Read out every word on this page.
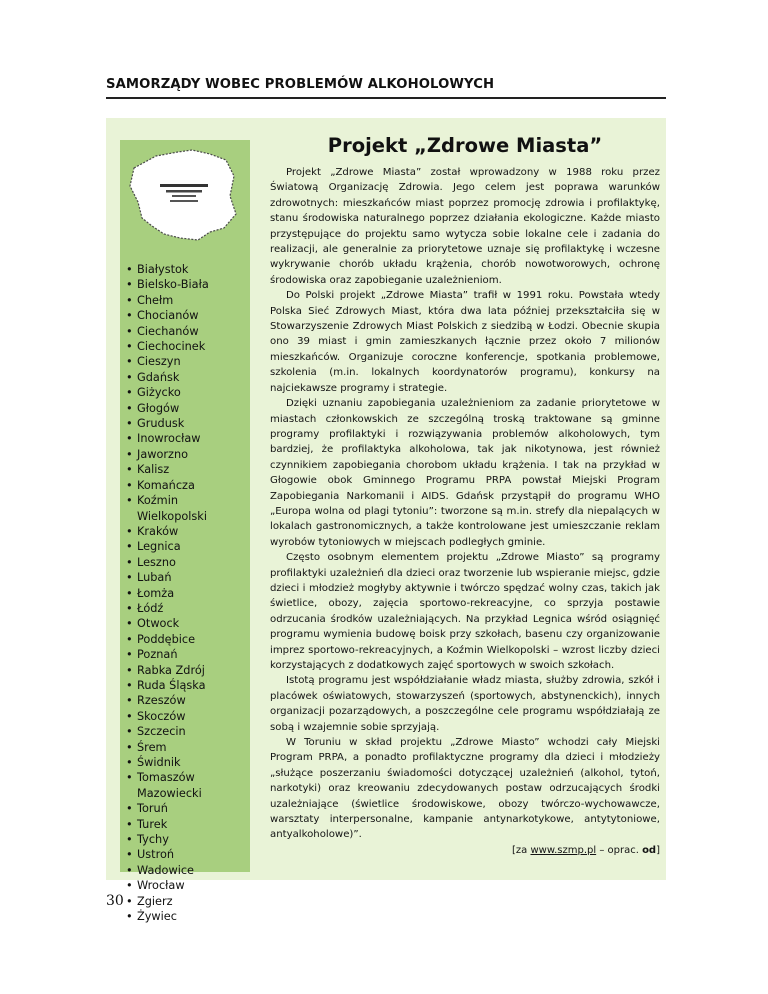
SAMORZĄDY WOBEC PROBLEMÓW ALKOHOLOWYCH
• Białystok
• Bielsko-Biała
• Chełm
• Chocianów
• Ciechanów
• Ciechocinek
• Cieszyn
• Gdańsk
• Giżycko
• Głogów
• Grudusk
• Inowrocław
• Jaworzno
• Kalisz
• Komańcza
• Koźmin Wielkopolski
• Kraków
• Legnica
• Leszno
• Lubań
• Łomża
• Łódź
• Otwock
• Poddębice
• Poznań
• Rabka Zdrój
• Ruda Śląska
• Rzeszów
• Skoczów
• Szczecin
• Śrem
• Świdnik
• Tomaszów Mazowiecki
• Toruń
• Turek
• Tychy
• Ustroń
• Wadowice
• Wrocław
• Zgierz
• Żywiec
Projekt „Zdrowe Miasta”

Projekt „Zdrowe Miasta” został wprowadzony w 1988 roku przez Światową Organizację Zdrowia. Jego celem jest poprawa warunków zdrowotnych: mieszkańców miast poprzez promocję zdrowia i profilaktykę, stanu środowiska naturalnego poprzez działania ekologiczne. Każde miasto przystępujące do projektu samo wytycza sobie lokalne cele i zadania do realizacji, ale generalnie za priorytetowe uznaje się profilaktykę i wczesne wykrywanie chorób układu krążenia, chorób nowotworowych, ochronę środowiska oraz zapobieganie uzależnieniom.

Do Polski projekt „Zdrowe Miasta” trafił w 1991 roku. Powstała wtedy Polska Sieć Zdrowych Miast, która dwa lata później przekształciła się w Stowarzyszenie Zdrowych Miast Polskich z siedzibą w Łodzi. Obecnie skupia ono 39 miast i gmin zamieszkanych łącznie przez około 7 milionów mieszkańców. Organizuje coroczne konferencje, spotkania problemowe, szkolenia (m.in. lokalnych koordynatorów programu), konkursy na najciekawsze programy i strategie.

Dzięki uznaniu zapobiegania uzależnieniom za zadanie priorytetowe w miastach członkowskich ze szczególną troską traktowane są gminne programy profilaktyki i rozwiązywania problemów alkoholowych, tym bardziej, że profilaktyka alkoholowa, tak jak nikotynowa, jest również czynnikiem zapobiegania chorobom układu krążenia. I tak na przykład w Głogowie obok Gminnego Programu PRPA powstał Miejski Program Zapobiegania Narkomanii i AIDS. Gdańsk przystąpił do programu WHO „Europa wolna od plagi tytoniu”: tworzone są m.in. strefy dla niepalących w lokalach gastronomicznych, a także kontrolowane jest umieszczanie reklam wyrobów tytoniowych w miejscach podległych gminie.

Często osobnym elementem projektu „Zdrowe Miasto” są programy profilaktyki uzależnień dla dzieci oraz tworzenie lub wspieranie miejsc, gdzie dzieci i młodzież mogłyby aktywnie i twórczo spędzać wolny czas, takich jak świetlice, obozy, zajęcia sportowo-rekreacyjne, co sprzyja postawie odrzucania środków uzależniających. Na przykład Legnica wśród osiągnięć programu wymienia budowę boisk przy szkołach, basenu czy organizowanie imprez sportowo-rekreacyjnych, a Koźmin Wielkopolski – wzrost liczby dzieci korzystających z dodatkowych zajęć sportowych w swoich szkołach.

Istotą programu jest współdziałanie władz miasta, służby zdrowia, szkół i placówek oświatowych, stowarzyszeń (sportowych, abstynenckich), innych organizacji pozarządowych, a poszczególne cele programu współdziałają ze sobą i wzajemnie sobie sprzyjają.

W Toruniu w skład projektu „Zdrowe Miasto” wchodzi cały Miejski Program PRPA, a ponadto profilaktyczne programy dla dzieci i młodzieży „służące poszerzaniu świadomości dotyczącej uzależnień (alkohol, tytoń, narkotyki) oraz kreowaniu zdecydowanych postaw odrzucających środki uzależniające (świetlice środowiskowe, obozy twórczo-wychowawcze, warsztaty interpersonalne, kampanie antynarkotykowe, antytytoniowe, antyalkoholowe)”.

[za www.szmp.pl – oprac. od]

30
